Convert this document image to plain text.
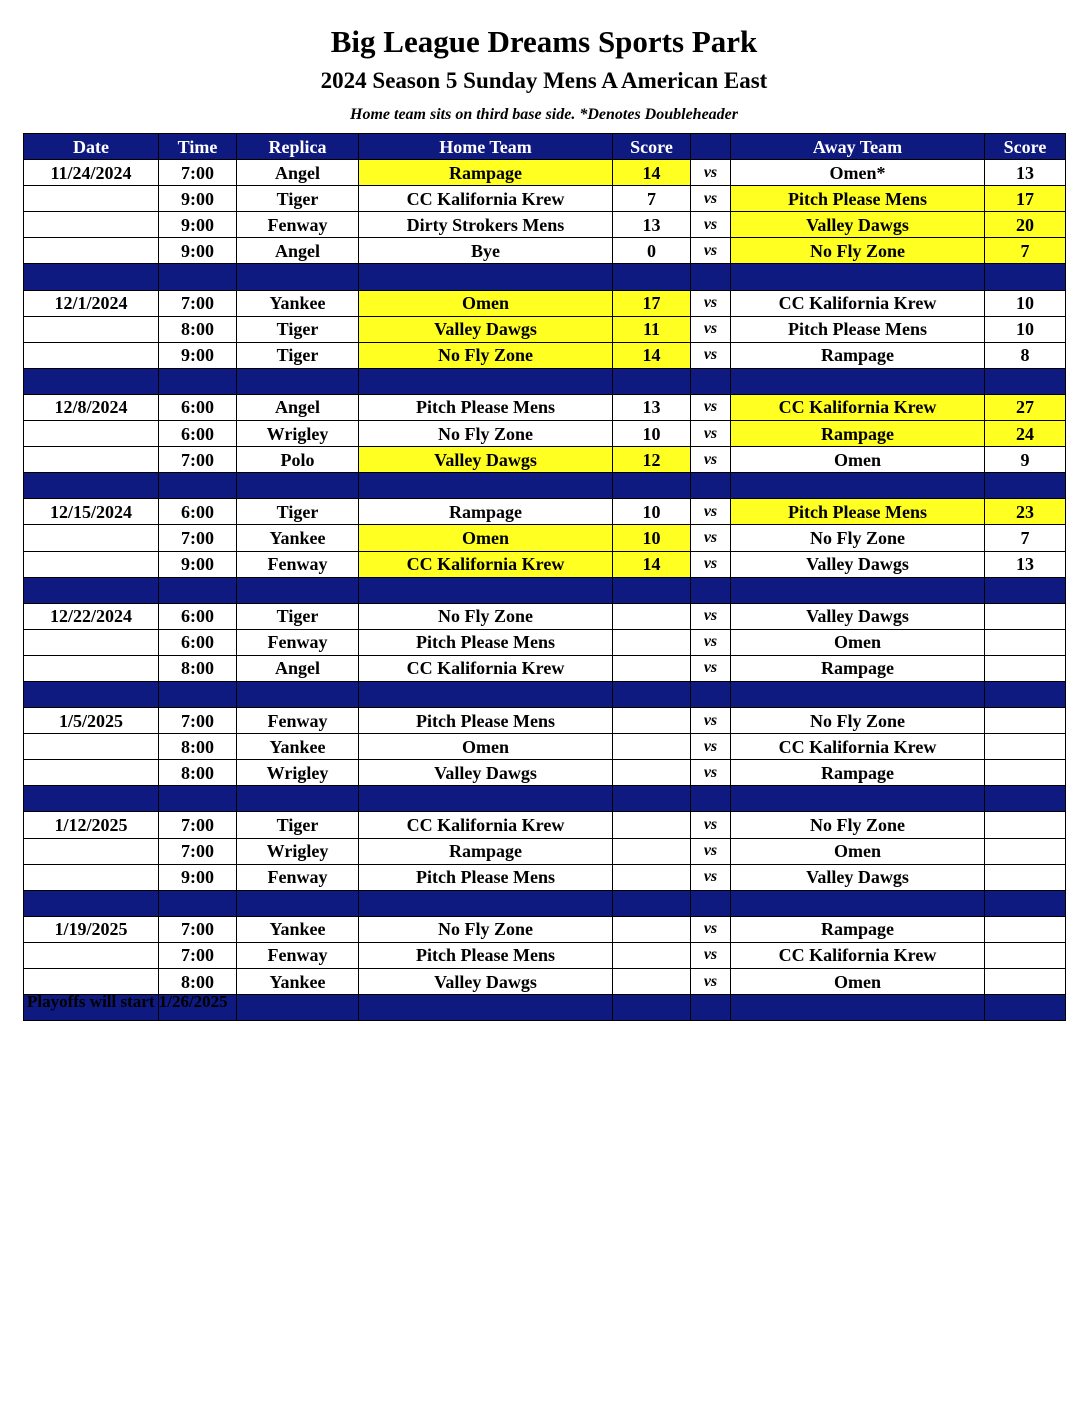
Big League Dreams Sports Park
2024 Season 5 Sunday Mens A American East
Home team sits on third base side. *Denotes Doubleheader
Date	Time	Replica	Home Team	Score		Away Team	Score
11/24/2024	7:00	Angel	Rampage	14	vs	Omen*	13
	9:00	Tiger	CC Kalifornia Krew	7	vs	Pitch Please Mens	17
	9:00	Fenway	Dirty Strokers Mens	13	vs	Valley Dawgs	20
	9:00	Angel	Bye	0	vs	No Fly Zone	7

12/1/2024	7:00	Yankee	Omen	17	vs	CC Kalifornia Krew	10
	8:00	Tiger	Valley Dawgs	11	vs	Pitch Please Mens	10
	9:00	Tiger	No Fly Zone	14	vs	Rampage	8

12/8/2024	6:00	Angel	Pitch Please Mens	13	vs	CC Kalifornia Krew	27
	6:00	Wrigley	No Fly Zone	10	vs	Rampage	24
	7:00	Polo	Valley Dawgs	12	vs	Omen	9

12/15/2024	6:00	Tiger	Rampage	10	vs	Pitch Please Mens	23
	7:00	Yankee	Omen	10	vs	No Fly Zone	7
	9:00	Fenway	CC Kalifornia Krew	14	vs	Valley Dawgs	13

12/22/2024	6:00	Tiger	No Fly Zone		vs	Valley Dawgs	
	6:00	Fenway	Pitch Please Mens		vs	Omen	
	8:00	Angel	CC Kalifornia Krew		vs	Rampage	

1/5/2025	7:00	Fenway	Pitch Please Mens		vs	No Fly Zone	
	8:00	Yankee	Omen		vs	CC Kalifornia Krew	
	8:00	Wrigley	Valley Dawgs		vs	Rampage	

1/12/2025	7:00	Tiger	CC Kalifornia Krew		vs	No Fly Zone	
	7:00	Wrigley	Rampage		vs	Omen	
	9:00	Fenway	Pitch Please Mens		vs	Valley Dawgs	

1/19/2025	7:00	Yankee	No Fly Zone		vs	Rampage	
	7:00	Fenway	Pitch Please Mens		vs	CC Kalifornia Krew	
	8:00	Yankee	Valley Dawgs		vs	Omen	

Playoffs will start 1/26/2025
